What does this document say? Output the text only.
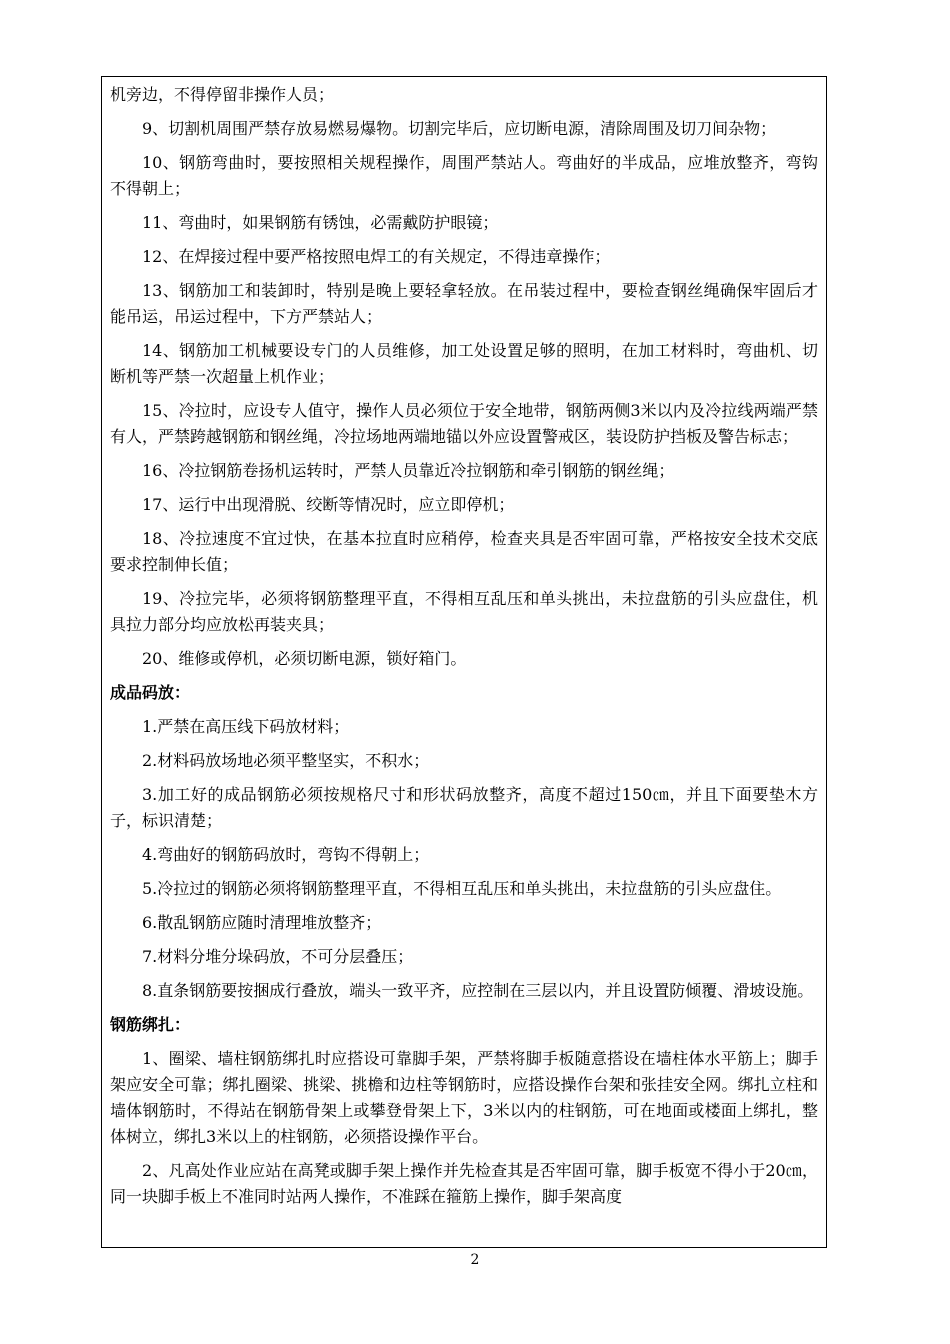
机旁边，不得停留非操作人员；
9、切割机周围严禁存放易燃易爆物。切割完毕后，应切断电源，清除周围及切刀间杂物；
10、钢筋弯曲时，要按照相关规程操作，周围严禁站人。弯曲好的半成品，应堆放整齐，弯钩不得朝上；
11、弯曲时，如果钢筋有锈蚀，必需戴防护眼镜；
12、在焊接过程中要严格按照电焊工的有关规定，不得违章操作；
13、钢筋加工和装卸时，特别是晚上要轻拿轻放。在吊装过程中，要检查钢丝绳确保牢固后才能吊运，吊运过程中，下方严禁站人；
14、钢筋加工机械要设专门的人员维修，加工处设置足够的照明，在加工材料时，弯曲机、切断机等严禁一次超量上机作业；
15、冷拉时，应设专人值守，操作人员必须位于安全地带，钢筋两侧3米以内及冷拉线两端严禁有人，严禁跨越钢筋和钢丝绳，冷拉场地两端地锚以外应设置警戒区，装设防护挡板及警告标志；
16、冷拉钢筋卷扬机运转时，严禁人员靠近冷拉钢筋和牵引钢筋的钢丝绳；
17、运行中出现滑脱、绞断等情况时，应立即停机；
18、冷拉速度不宜过快，在基本拉直时应稍停，检查夹具是否牢固可靠，严格按安全技术交底要求控制伸长值；
19、冷拉完毕，必须将钢筋整理平直，不得相互乱压和单头挑出，未拉盘筋的引头应盘住，机具拉力部分均应放松再装夹具；
20、维修或停机，必须切断电源，锁好箱门。
成品码放：
1.严禁在高压线下码放材料；
2.材料码放场地必须平整坚实，不积水；
3.加工好的成品钢筋必须按规格尺寸和形状码放整齐，高度不超过150㎝，并且下面要垫木方子，标识清楚；
4.弯曲好的钢筋码放时，弯钩不得朝上；
5.冷拉过的钢筋必须将钢筋整理平直，不得相互乱压和单头挑出，未拉盘筋的引头应盘住。
6.散乱钢筋应随时清理堆放整齐；
7.材料分堆分垛码放，不可分层叠压；
8.直条钢筋要按捆成行叠放，端头一致平齐，应控制在三层以内，并且设置防倾覆、滑坡设施。
钢筋绑扎：
1、圈梁、墙柱钢筋绑扎时应搭设可靠脚手架，严禁将脚手板随意搭设在墙柱体水平筋上；脚手架应安全可靠；绑扎圈梁、挑梁、挑檐和边柱等钢筋时，应搭设操作台架和张挂安全网。绑扎立柱和墙体钢筋时，不得站在钢筋骨架上或攀登骨架上下，3米以内的柱钢筋，可在地面或楼面上绑扎，整体树立，绑扎3米以上的柱钢筋，必须搭设操作平台。
2、凡高处作业应站在高凳或脚手架上操作并先检查其是否牢固可靠，脚手板宽不得小于20㎝，同一块脚手板上不准同时站两人操作，不准踩在箍筋上操作，脚手架高度
2
